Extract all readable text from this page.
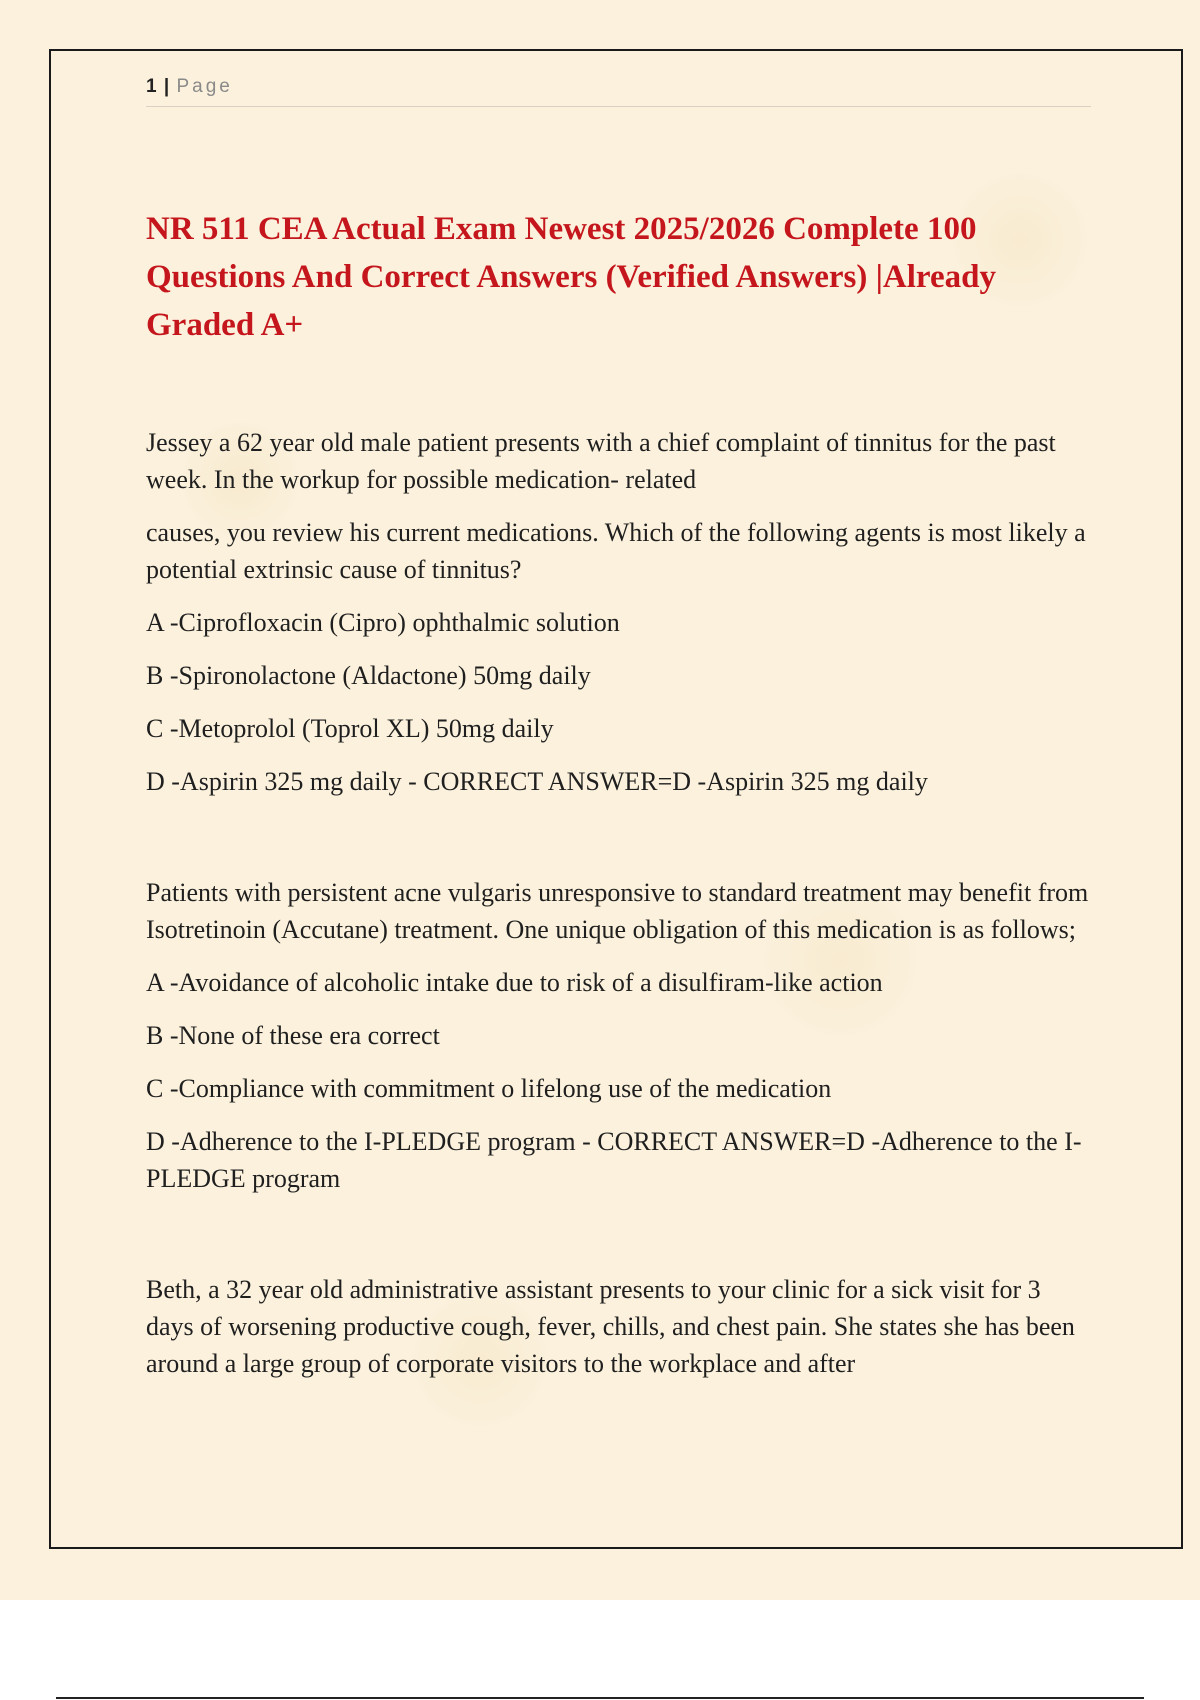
1 | Page
NR 511 CEA Actual Exam Newest 2025/2026 Complete 100 Questions And Correct Answers (Verified Answers) |Already Graded A+

Jessey a 62 year old male patient presents with a chief complaint of tinnitus for the past week. In the workup for possible medication- related

causes, you review his current medications. Which of the following agents is most likely a potential extrinsic cause of tinnitus?

A -Ciprofloxacin (Cipro) ophthalmic solution

B -Spironolactone (Aldactone) 50mg daily

C -Metoprolol (Toprol XL) 50mg daily

D -Aspirin 325 mg daily - CORRECT ANSWER=D -Aspirin 325 mg daily

Patients with persistent acne vulgaris unresponsive to standard treatment may benefit from Isotretinoin (Accutane) treatment. One unique obligation of this medication is as follows;

A -Avoidance of alcoholic intake due to risk of a disulfiram-like action

B -None of these era correct

C -Compliance with commitment o lifelong use of the medication

D -Adherence to the I-PLEDGE program - CORRECT ANSWER=D -Adherence to the I-PLEDGE program

Beth, a 32 year old administrative assistant presents to your clinic for a sick visit for 3 days of worsening productive cough, fever, chills, and chest pain. She states she has been around a large group of corporate visitors to the workplace and after
